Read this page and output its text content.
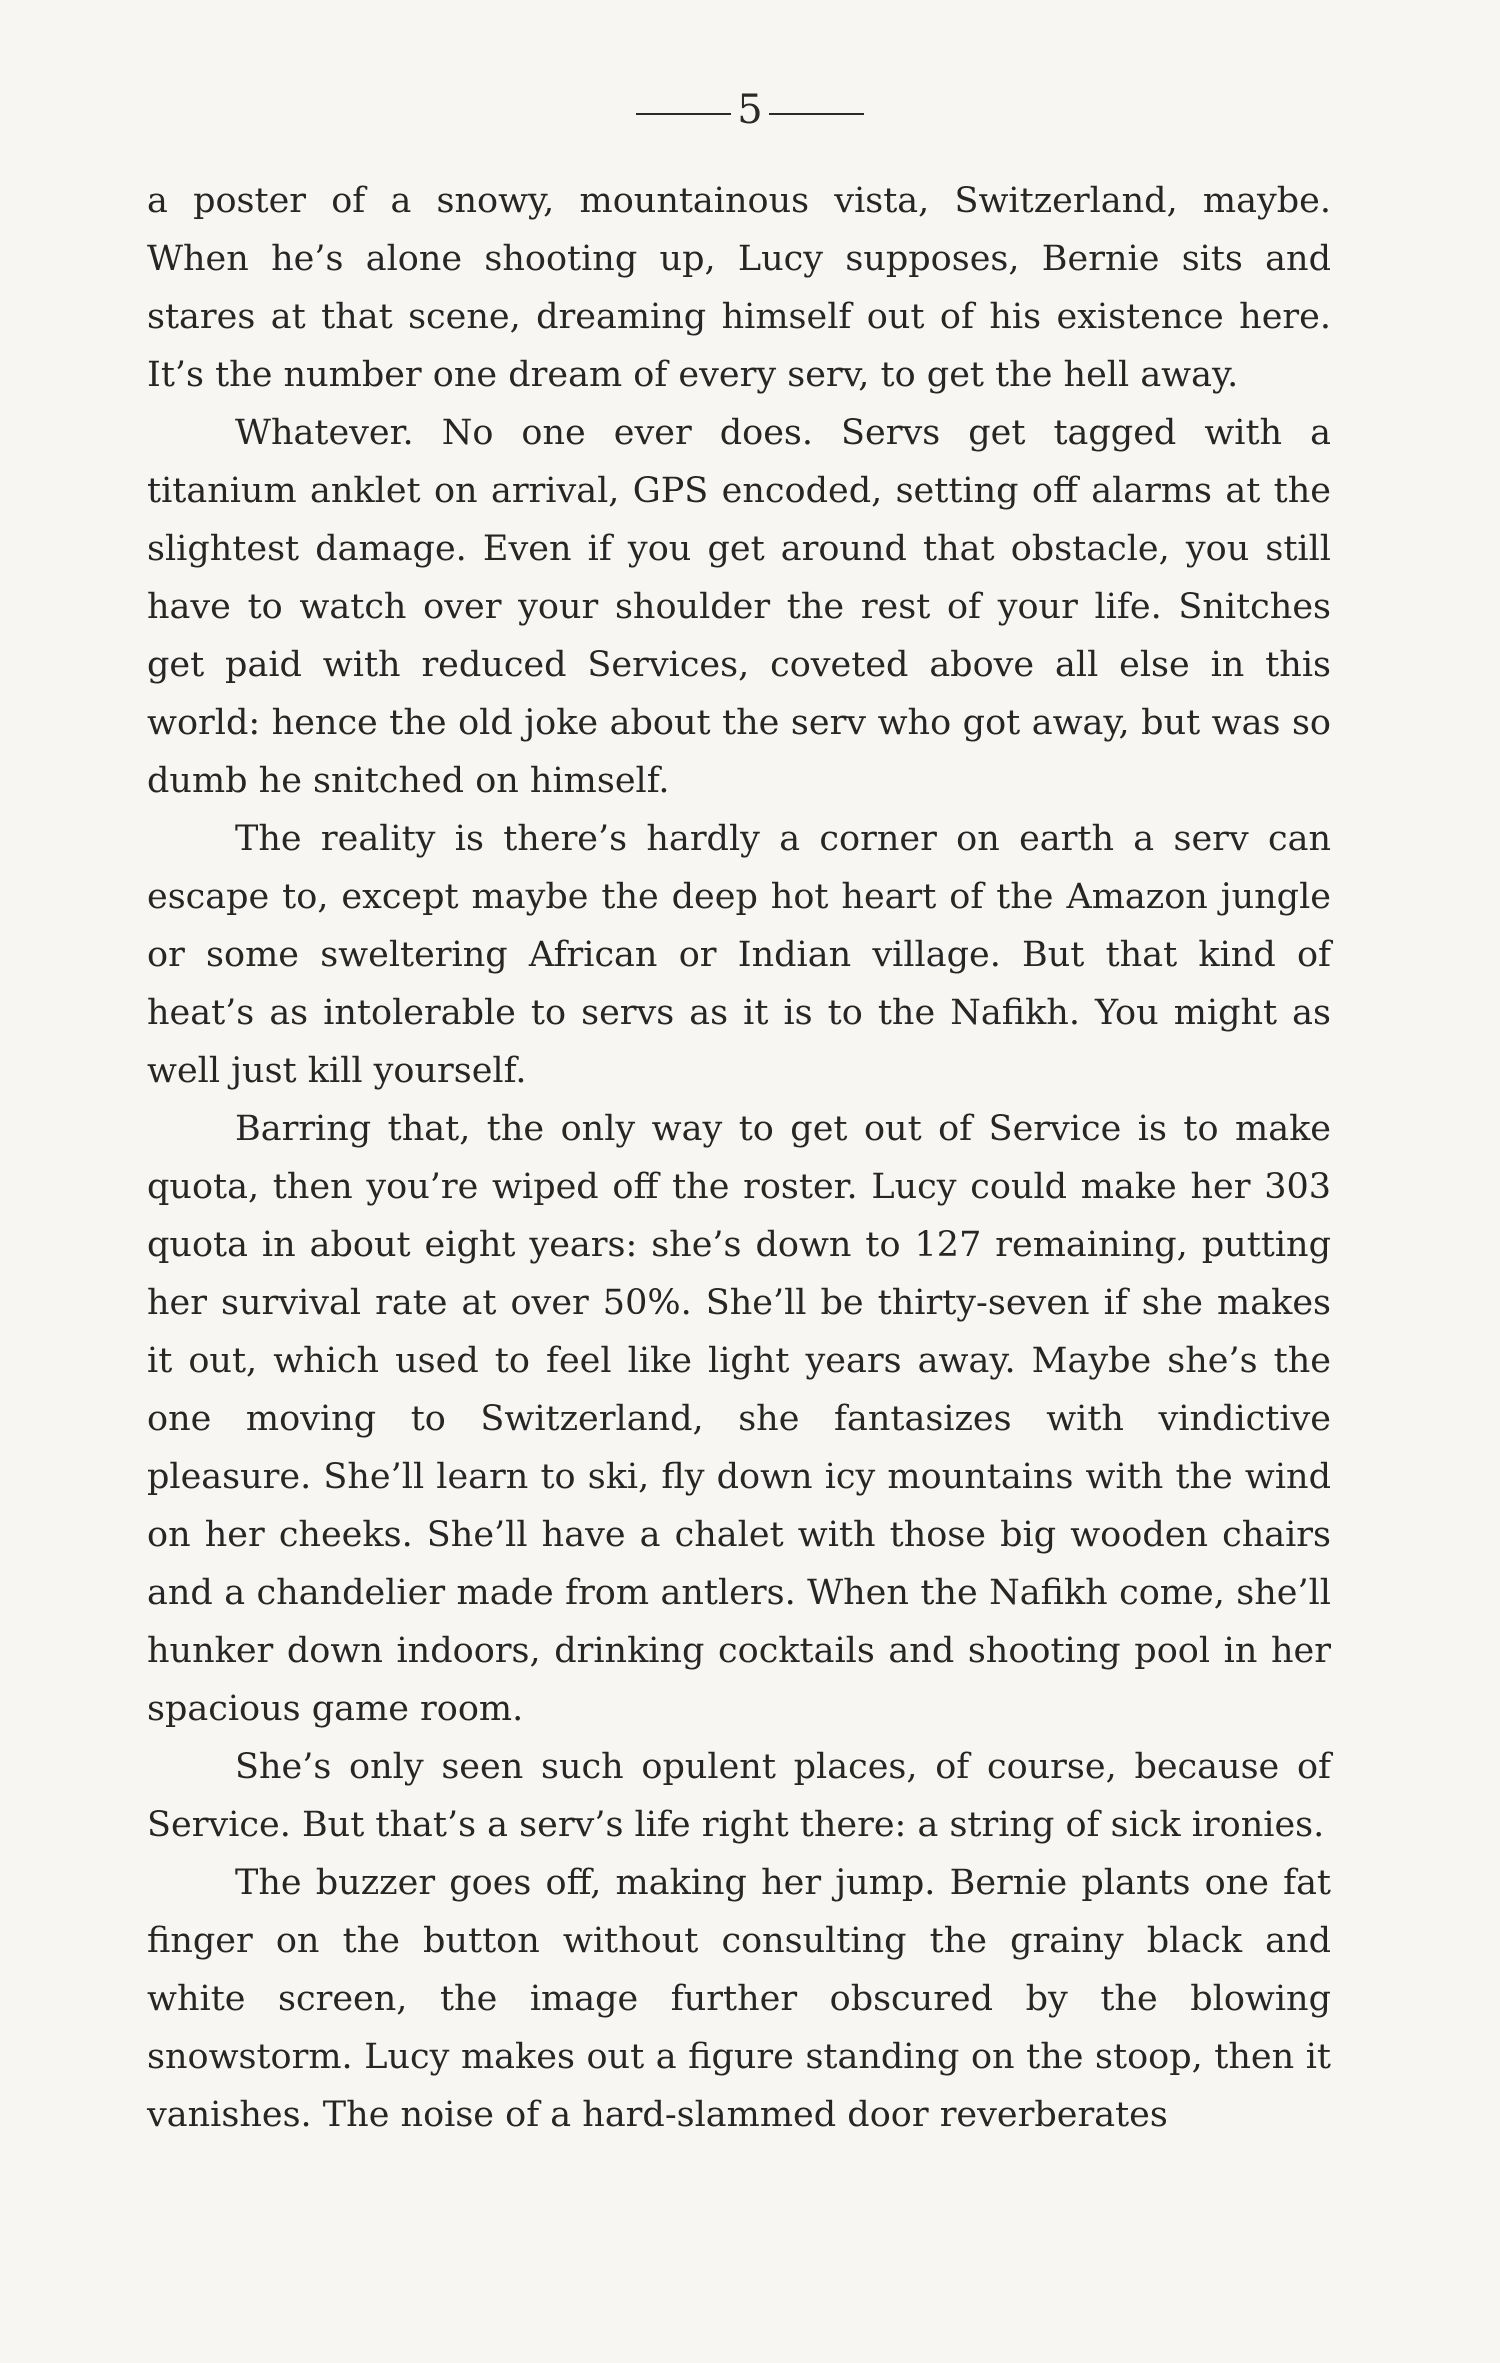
5

a poster of a snowy, mountainous vista, Switzerland, maybe. When he’s alone shooting up, Lucy supposes, Bernie sits and stares at that scene, dreaming himself out of his existence here. It’s the number one dream of every serv, to get the hell away.

Whatever. No one ever does. Servs get tagged with a titanium anklet on arrival, GPS encoded, setting off alarms at the slightest damage. Even if you get around that obstacle, you still have to watch over your shoulder the rest of your life. Snitches get paid with reduced Services, coveted above all else in this world: hence the old joke about the serv who got away, but was so dumb he snitched on himself.

The reality is there’s hardly a corner on earth a serv can escape to, except maybe the deep hot heart of the Amazon jungle or some sweltering African or Indian village. But that kind of heat’s as intolerable to servs as it is to the Nafikh. You might as well just kill yourself.

Barring that, the only way to get out of Service is to make quota, then you’re wiped off the roster. Lucy could make her 303 quota in about eight years: she’s down to 127 remaining, putting her survival rate at over 50%. She’ll be thirty-seven if she makes it out, which used to feel like light years away. Maybe she’s the one moving to Switzerland, she fantasizes with vindictive pleasure. She’ll learn to ski, fly down icy mountains with the wind on her cheeks. She’ll have a chalet with those big wooden chairs and a chandelier made from antlers. When the Nafikh come, she’ll hunker down indoors, drinking cocktails and shooting pool in her spacious game room.

She’s only seen such opulent places, of course, because of Service. But that’s a serv’s life right there: a string of sick ironies.

The buzzer goes off, making her jump. Bernie plants one fat finger on the button without consulting the grainy black and white screen, the image further obscured by the blowing snowstorm. Lucy makes out a figure standing on the stoop, then it vanishes. The noise of a hard-slammed door reverberates
